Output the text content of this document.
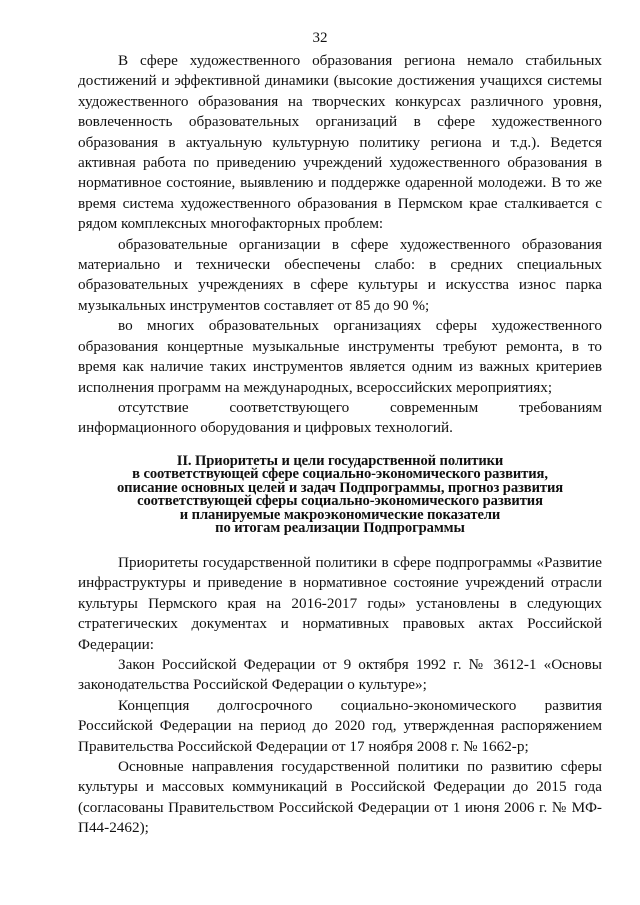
32

В сфере художественного образования региона немало стабильных достижений и эффективной динамики (высокие достижения учащихся системы художественного образования на творческих конкурсах различного уровня, вовлеченность образовательных организаций в сфере художественного образования в актуальную культурную политику региона и т.д.). Ведется активная работа по приведению учреждений художественного образования в нормативное состояние, выявлению и поддержке одаренной молодежи. В то же время система художественного образования в Пермском крае сталкивается с рядом комплексных многофакторных проблем:

образовательные организации в сфере художественного образования материально и технически обеспечены слабо: в средних специальных образовательных учреждениях в сфере культуры и искусства износ парка музыкальных инструментов составляет от 85 до 90 %;

во многих образовательных организациях сферы художественного образования концертные музыкальные инструменты требуют ремонта, в то время как наличие таких инструментов является одним из важных критериев исполнения программ на международных, всероссийских мероприятиях;

отсутствие соответствующего современным требованиям информационного оборудования и цифровых технологий.

II. Приоритеты и цели государственной политики
в соответствующей сфере социально-экономического развития,
описание основных целей и задач Подпрограммы, прогноз развития
соответствующей сферы социально-экономического развития
и планируемые макроэкономические показатели
по итогам реализации Подпрограммы

Приоритеты государственной политики в сфере подпрограммы «Развитие инфраструктуры и приведение в нормативное состояние учреждений отрасли культуры Пермского края на 2016-2017 годы» установлены в следующих стратегических документах и нормативных правовых актах Российской Федерации:

Закон Российской Федерации от 9 октября 1992 г. № 3612-1 «Основы законодательства Российской Федерации о культуре»;

Концепция долгосрочного социально-экономического развития Российской Федерации на период до 2020 год, утвержденная распоряжением Правительства Российской Федерации от 17 ноября 2008 г. № 1662-р;

Основные направления государственной политики по развитию сферы культуры и массовых коммуникаций в Российской Федерации до 2015 года (согласованы Правительством Российской Федерации от 1 июня 2006 г. № МФ-П44-2462);
